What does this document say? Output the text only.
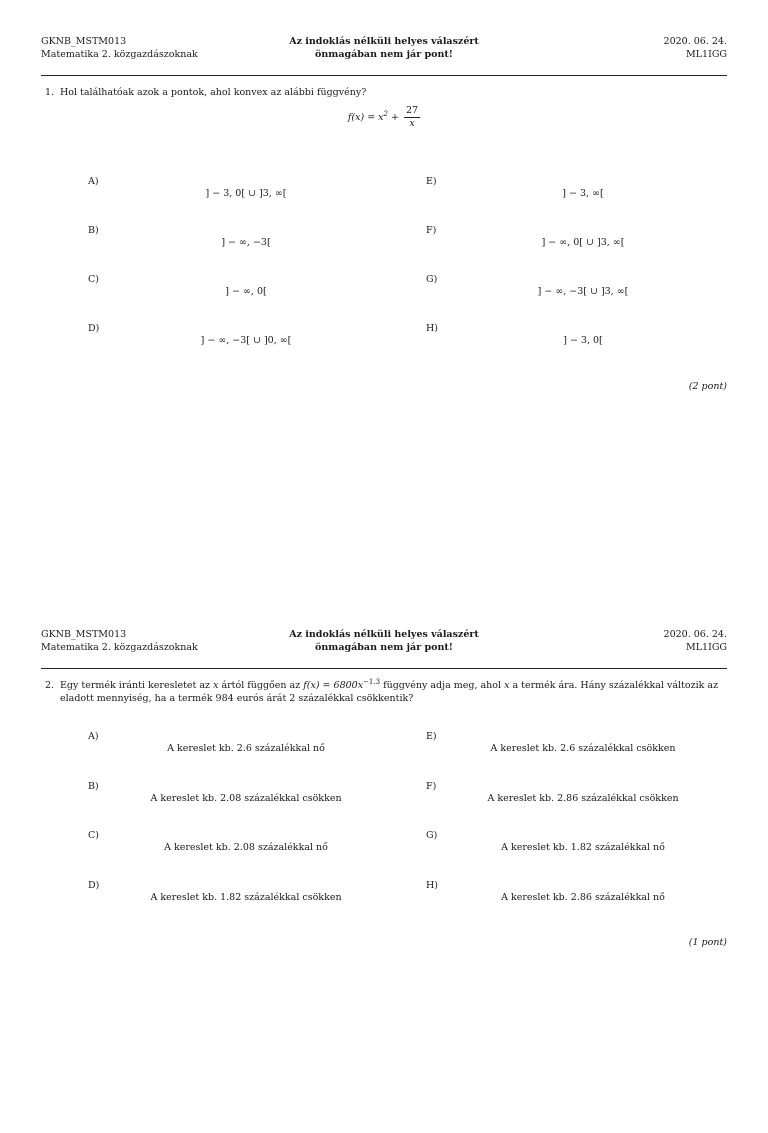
GKNB_MSTM013
Matematika 2. közgazdászoknak
Az indoklás nélküli helyes válaszért
önmagában nem jár pont!
2020. 06. 24.
ML1IGG
1. Hol találhatóak azok a pontok, ahol konvex az alábbi függvény?
$f(x) = x^2 + \frac{27}{x}$
A)
] − 3, 0[ ∪ ]3, ∞[
B)
] − ∞, −3[
C)
] − ∞, 0[
D)
] − ∞, −3[ ∪ ]0, ∞[
E)
] − 3, ∞[
F)
] − ∞, 0[ ∪ ]3, ∞[
G)
] − ∞, −3[ ∪ ]3, ∞[
H)
] − 3, 0[
(2 pont)
GKNB_MSTM013
Matematika 2. közgazdászoknak
Az indoklás nélküli helyes válaszért
önmagában nem jár pont!
2020. 06. 24.
ML1IGG
2. Egy termék iránti keresletet az x ártól függően az $f(x) = 6800x^{-1.3}$ függvény adja meg, ahol x a termék ára. Hány százalékkal változik az eladott mennyiség, ha a termék 984 eurós árát 2 százalékkal csökkentik?
A)
A kereslet kb. 2.6 százalékkal nő
B)
A kereslet kb. 2.08 százalékkal csökken
C)
A kereslet kb. 2.08 százalékkal nő
D)
A kereslet kb. 1.82 százalékkal csökken
E)
A kereslet kb. 2.6 százalékkal csökken
F)
A kereslet kb. 2.86 százalékkal csökken
G)
A kereslet kb. 1.82 százalékkal nő
H)
A kereslet kb. 2.86 százalékkal nő
(1 pont)
